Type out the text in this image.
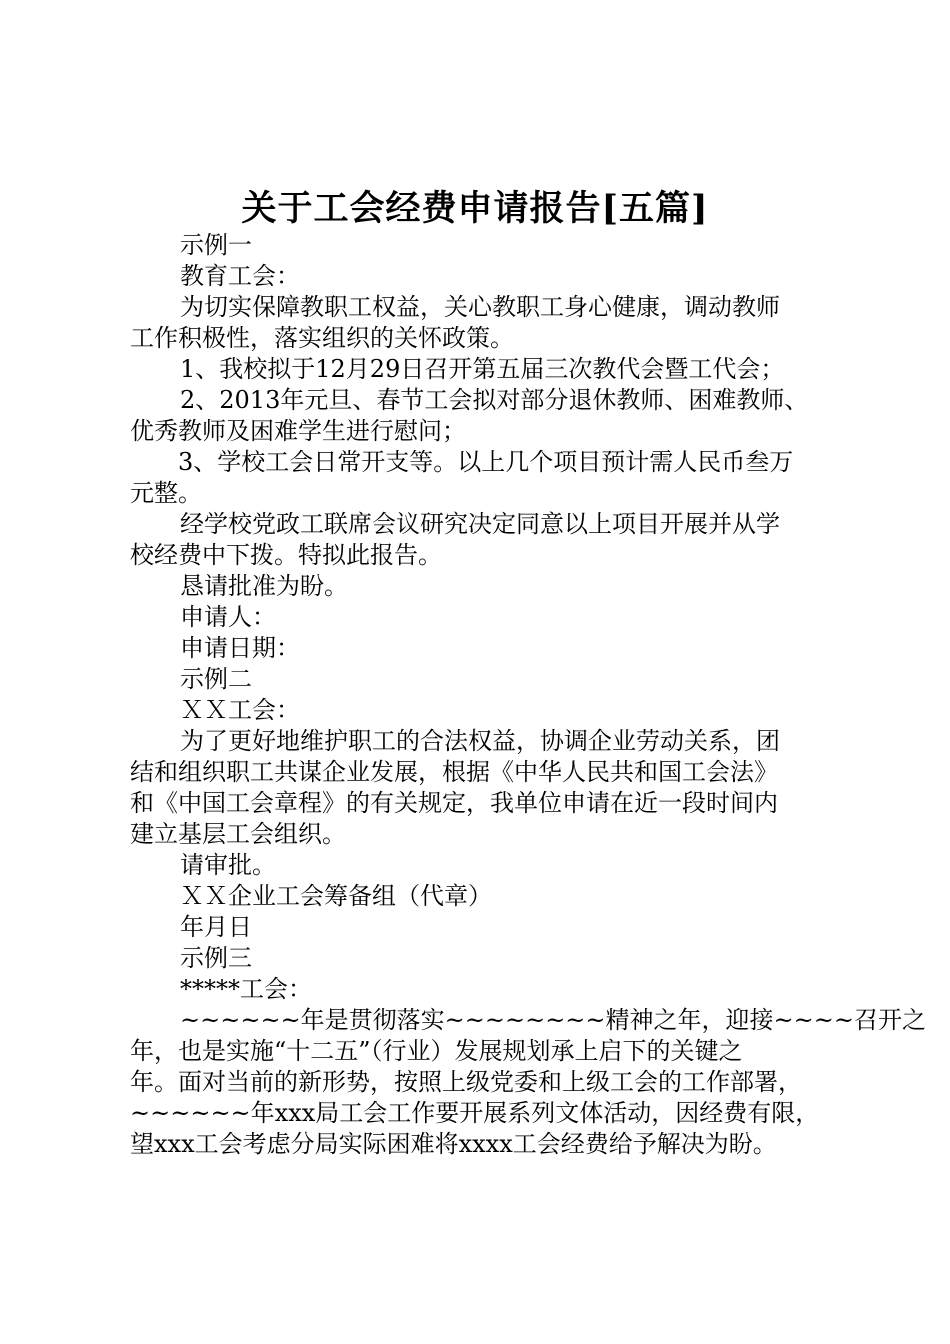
关于工会经费申请报告[五篇]
示例一
教育工会：
为切实保障教职工权益，关心教职工身心健康，调动教师
工作积极性，落实组织的关怀政策。
1、我校拟于12月29日召开第五届三次教代会暨工代会；
2、2013年元旦、春节工会拟对部分退休教师、困难教师、
优秀教师及困难学生进行慰问；
3、学校工会日常开支等。以上几个项目预计需人民币叁万
元整。
经学校党政工联席会议研究决定同意以上项目开展并从学
校经费中下拨。特拟此报告。
恳请批准为盼。
申请人：
申请日期：
示例二
ＸＸ工会：
为了更好地维护职工的合法权益，协调企业劳动关系，团
结和组织职工共谋企业发展，根据《中华人民共和国工会法》
和《中国工会章程》的有关规定，我单位申请在近一段时间内
建立基层工会组织。
请审批。
ＸＸ企业工会筹备组（代章）
年月日
示例三
*****工会：
~~~~~~年是贯彻落实~~~~~~~~精神之年，迎接~~~~召开之
年，也是实施“十二五”（行业）发展规划承上启下的关键之
年。面对当前的新形势，按照上级党委和上级工会的工作部署，
~~~~~~年xxx局工会工作要开展系列文体活动，因经费有限，
望xxx工会考虑分局实际困难将xxxx工会经费给予解决为盼。
